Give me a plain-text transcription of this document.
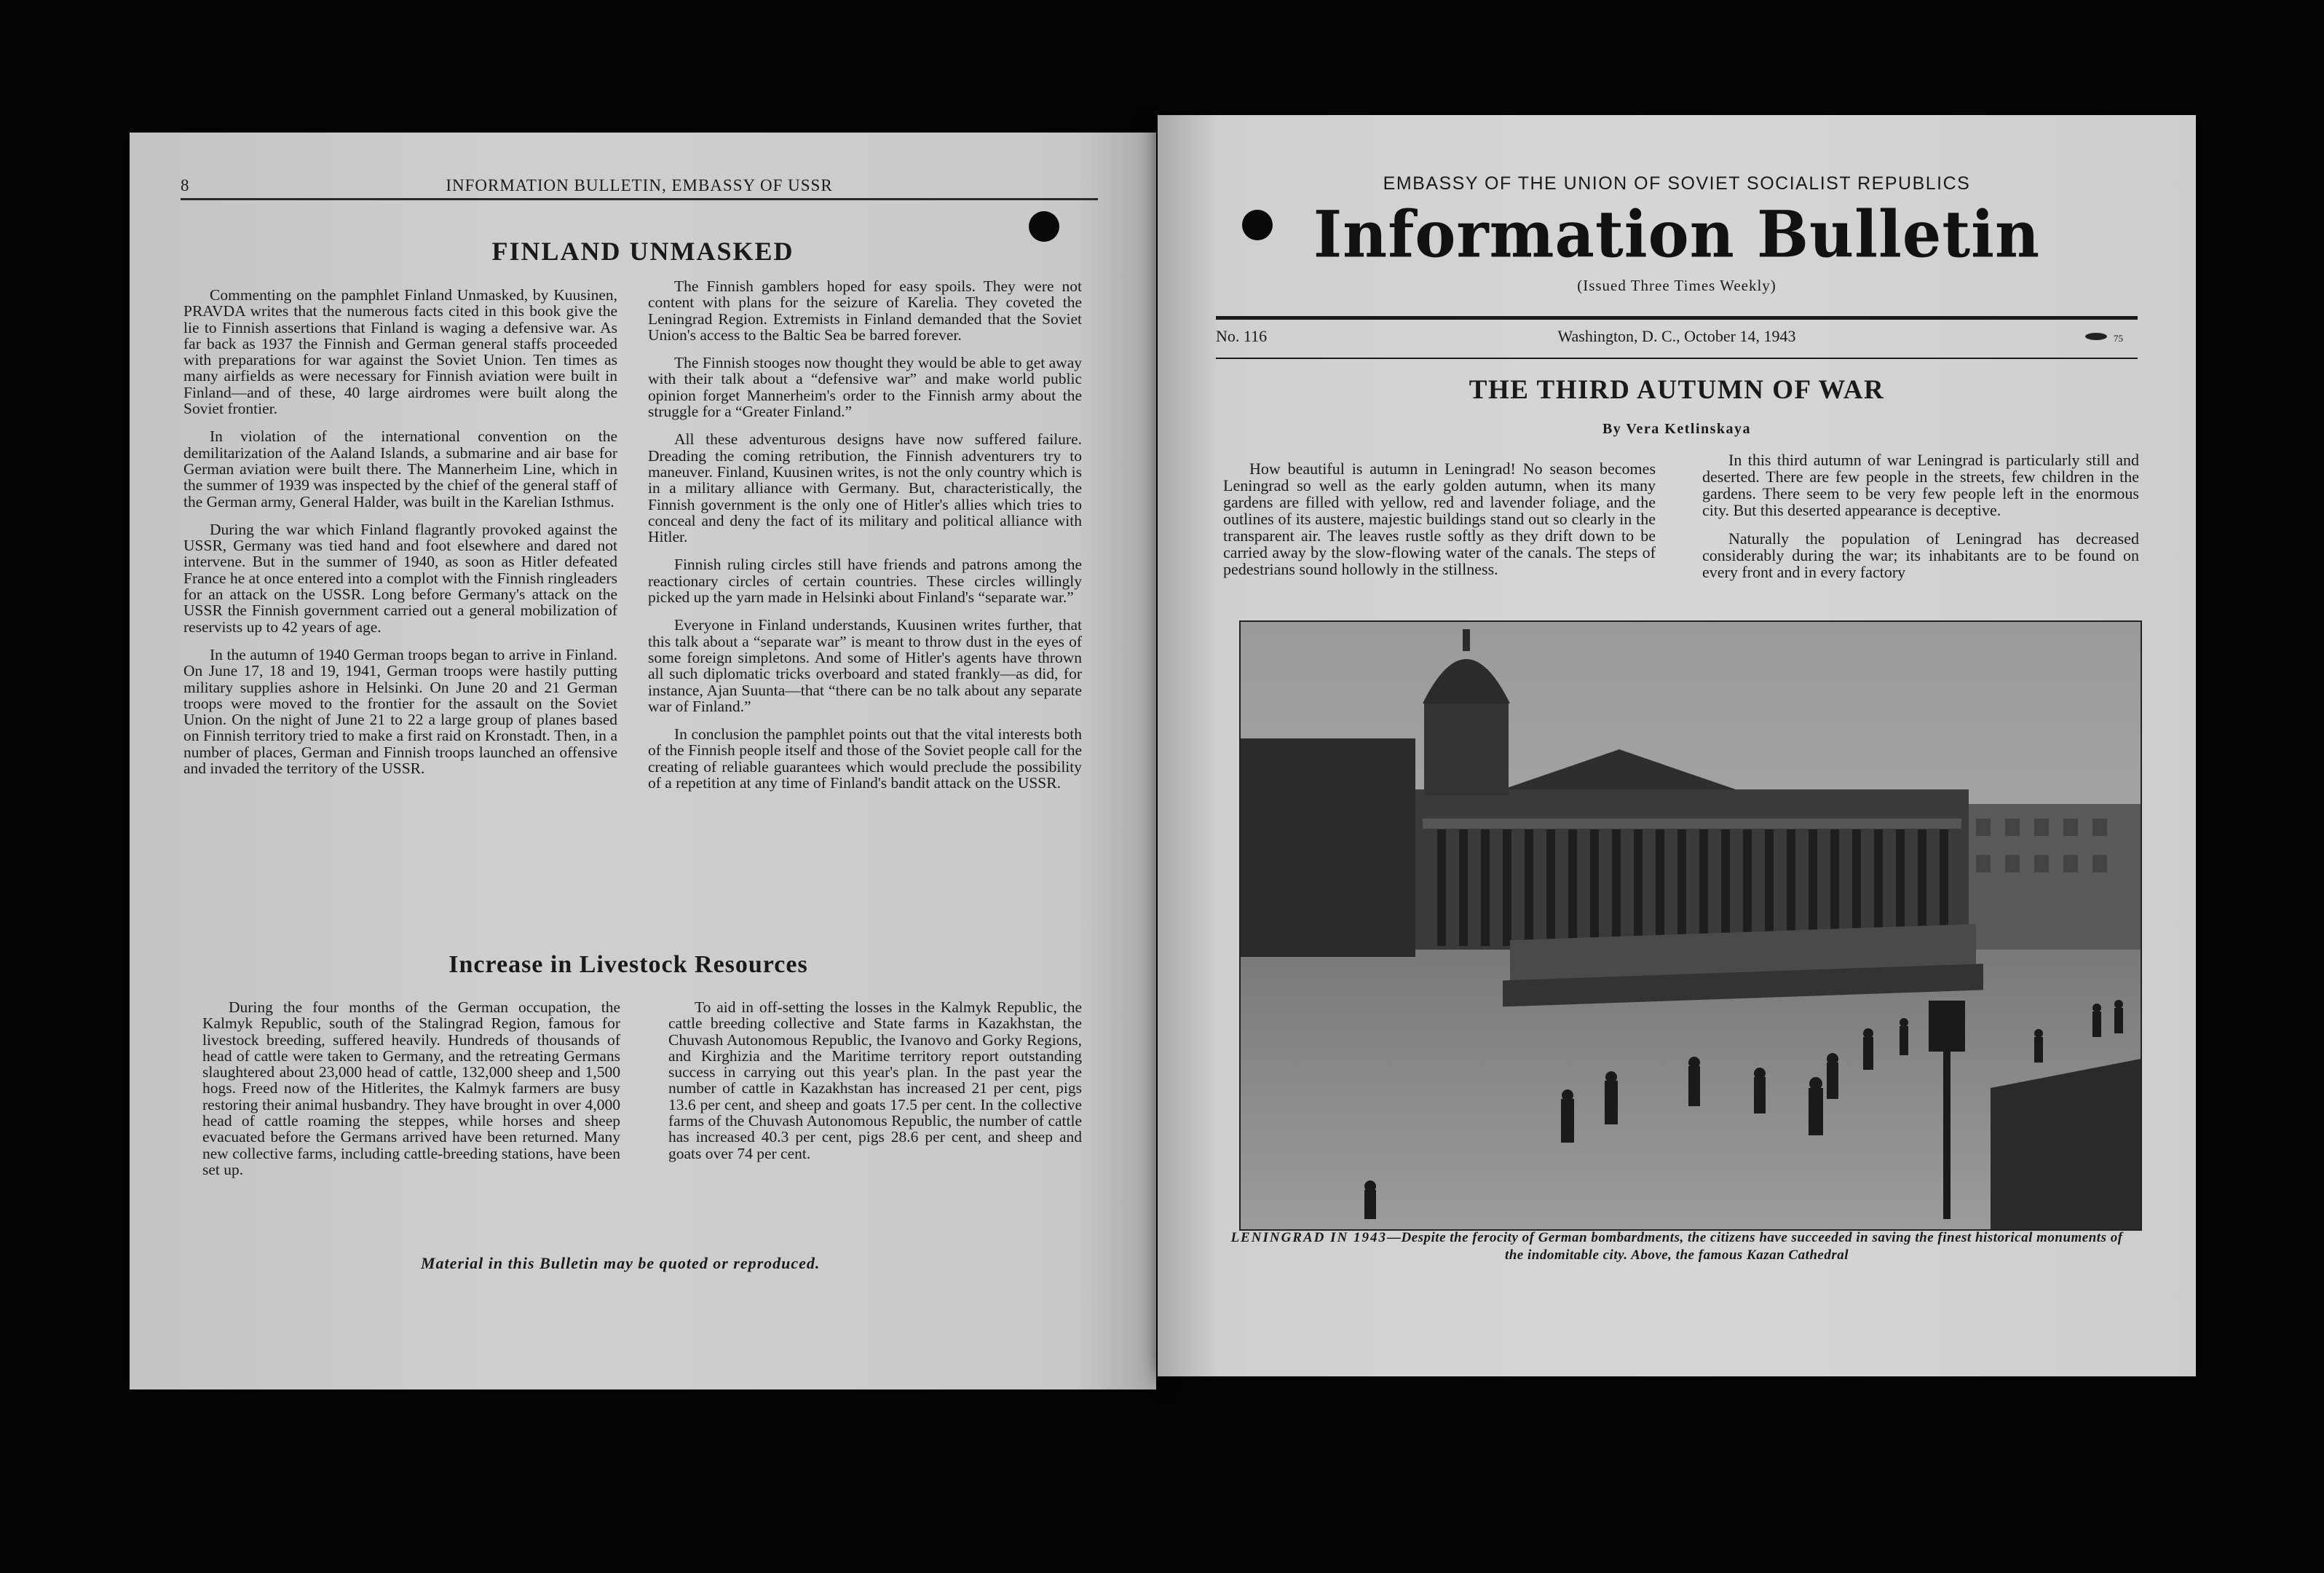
8	INFORMATION BULLETIN, EMBASSY OF USSR
FINLAND UNMASKED

Commenting on the pamphlet Finland Unmasked, by Kuusinen, PRAVDA writes that the numerous facts cited in this book give the lie to Finnish assertions that Finland is waging a defensive war. As far back as 1937 the Finnish and German general staffs proceeded with preparations for war against the Soviet Union. Ten times as many airfields as were necessary for Finnish aviation were built in Finland—and of these, 40 large airdromes were built along the Soviet frontier.

In violation of the international convention on the demilitarization of the Aaland Islands, a submarine and air base for German aviation were built there. The Mannerheim Line, which in the summer of 1939 was inspected by the chief of the general staff of the German army, General Halder, was built in the Karelian Isthmus.

During the war which Finland flagrantly provoked against the USSR, Germany was tied hand and foot elsewhere and dared not intervene. But in the summer of 1940, as soon as Hitler defeated France he at once entered into a complot with the Finnish ringleaders for an attack on the USSR. Long before Germany's attack on the USSR the Finnish government carried out a general mobilization of reservists up to 42 years of age.

In the autumn of 1940 German troops began to arrive in Finland. On June 17, 18 and 19, 1941, German troops were hastily putting military supplies ashore in Helsinki. On June 20 and 21 German troops were moved to the frontier for the assault on the Soviet Union. On the night of June 21 to 22 a large group of planes based on Finnish territory tried to make a first raid on Kronstadt. Then, in a number of places, German and Finnish troops launched an offensive and invaded the territory of the USSR.

The Finnish gamblers hoped for easy spoils. They were not content with plans for the seizure of Karelia. They coveted the Leningrad Region. Extremists in Finland demanded that the Soviet Union's access to the Baltic Sea be barred forever.

The Finnish stooges now thought they would be able to get away with their talk about a “defensive war” and make world public opinion forget Mannerheim's order to the Finnish army about the struggle for a “Greater Finland.”

All these adventurous designs have now suffered failure. Dreading the coming retribution, the Finnish adventurers try to maneuver. Finland, Kuusinen writes, is not the only country which is in a military alliance with Germany. But, characteristically, the Finnish government is the only one of Hitler's allies which tries to conceal and deny the fact of its military and political alliance with Hitler.

Finnish ruling circles still have friends and patrons among the reactionary circles of certain countries. These circles willingly picked up the yarn made in Helsinki about Finland's “separate war.”

Everyone in Finland understands, Kuusinen writes further, that this talk about a “separate war” is meant to throw dust in the eyes of some foreign simpletons. And some of Hitler's agents have thrown all such diplomatic tricks overboard and stated frankly—as did, for instance, Ajan Suunta—that “there can be no talk about any separate war of Finland.”

In conclusion the pamphlet points out that the vital interests both of the Finnish people itself and those of the Soviet people call for the creating of reliable guarantees which would preclude the possibility of a repetition at any time of Finland's bandit attack on the USSR.

Increase in Livestock Resources

During the four months of the German occupation, the Kalmyk Republic, south of the Stalingrad Region, famous for livestock breeding, suffered heavily. Hundreds of thousands of head of cattle were taken to Germany, and the retreating Germans slaughtered about 23,000 head of cattle, 132,000 sheep and 1,500 hogs. Freed now of the Hitlerites, the Kalmyk farmers are busy restoring their animal husbandry. They have brought in over 4,000 head of cattle roaming the steppes, while horses and sheep evacuated before the Germans arrived have been returned. Many new collective farms, including cattle-breeding stations, have been set up.

To aid in off-setting the losses in the Kalmyk Republic, the cattle breeding collective and State farms in Kazakhstan, the Chuvash Autonomous Republic, the Ivanovo and Gorky Regions, and Kirghizia and the Maritime territory report outstanding success in carrying out this year's plan. In the past year the number of cattle in Kazakhstan has increased 21 per cent, pigs 13.6 per cent, and sheep and goats 17.5 per cent. In the collective farms of the Chuvash Autonomous Republic, the number of cattle has increased 40.3 per cent, pigs 28.6 per cent, and sheep and goats over 74 per cent.

Material in this Bulletin may be quoted or reproduced.
EMBASSY OF THE UNION OF SOVIET SOCIALIST REPUBLICS
Information Bulletin
(Issued Three Times Weekly)
No. 116	Washington, D. C., October 14, 1943	75
THE THIRD AUTUMN OF WAR
By Vera Ketlinskaya

How beautiful is autumn in Leningrad! No season becomes Leningrad so well as the early golden autumn, when its many gardens are filled with yellow, red and lavender foliage, and the outlines of its austere, majestic buildings stand out so clearly in the transparent air. The leaves rustle softly as they drift down to be carried away by the slow-flowing water of the canals. The steps of pedestrians sound hollowly in the stillness.

In this third autumn of war Leningrad is particularly still and deserted. There are few people in the streets, few children in the gardens. There seem to be very few people left in the enormous city. But this deserted appearance is deceptive.

Naturally the population of Leningrad has decreased considerably during the war; its inhabitants are to be found on every front and in every factory

LENINGRAD IN 1943—Despite the ferocity of German bombardments, the citizens have succeeded in saving the finest historical monuments of the indomitable city. Above, the famous Kazan Cathedral
